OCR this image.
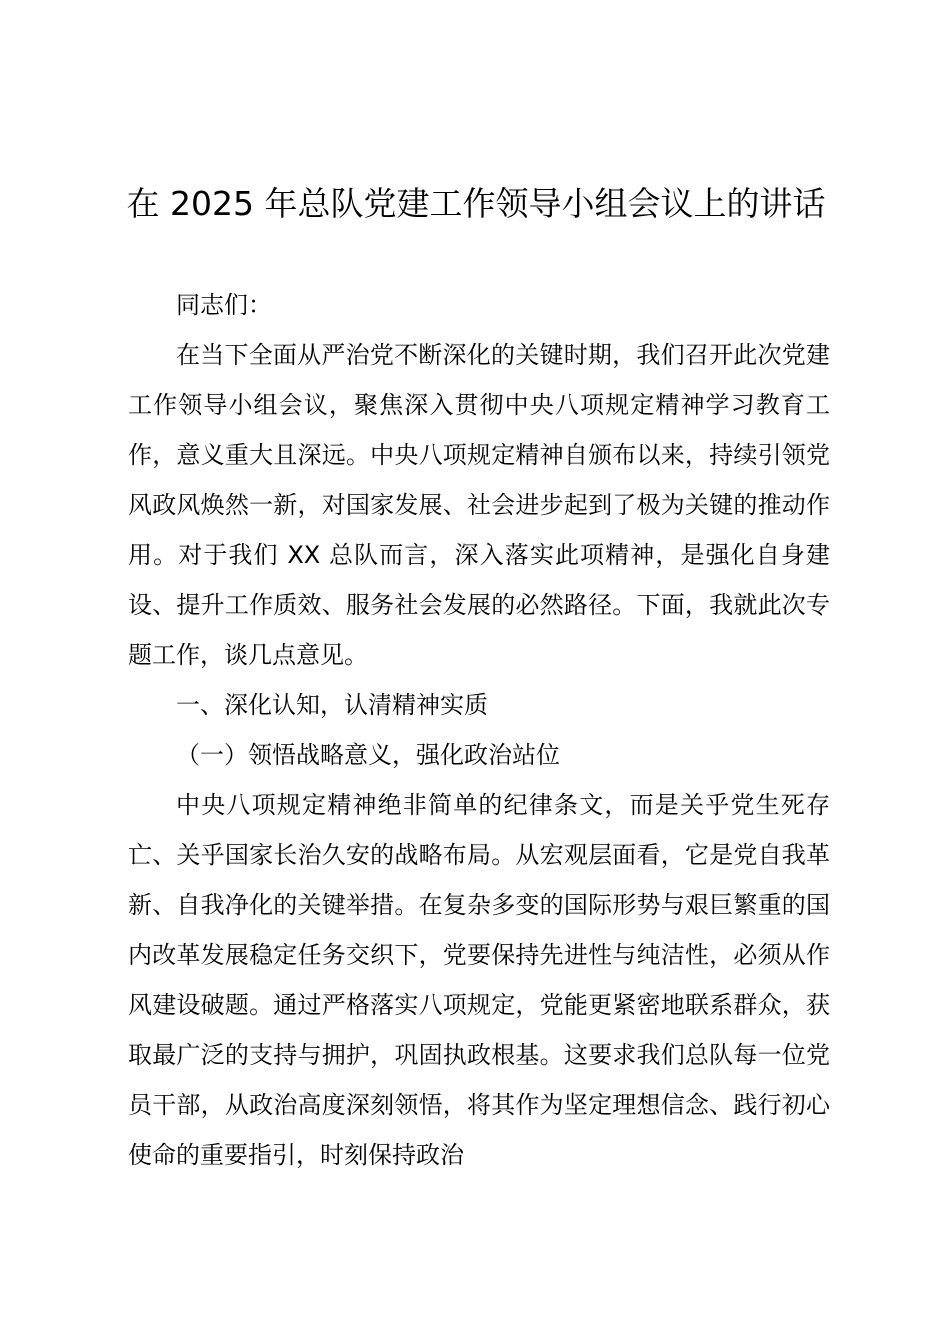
在 2025 年总队党建工作领导小组会议上的讲话

同志们：

在当下全面从严治党不断深化的关键时期，我们召开此次党建工作领导小组会议，聚焦深入贯彻中央八项规定精神学习教育工作，意义重大且深远。中央八项规定精神自颁布以来，持续引领党风政风焕然一新，对国家发展、社会进步起到了极为关键的推动作用。对于我们 XX 总队而言，深入落实此项精神，是强化自身建设、提升工作质效、服务社会发展的必然路径。下面，我就此次专题工作，谈几点意见。

一、深化认知，认清精神实质

（一）领悟战略意义，强化政治站位

中央八项规定精神绝非简单的纪律条文，而是关乎党生死存亡、关乎国家长治久安的战略布局。从宏观层面看，它是党自我革新、自我净化的关键举措。在复杂多变的国际形势与艰巨繁重的国内改革发展稳定任务交织下，党要保持先进性与纯洁性，必须从作风建设破题。通过严格落实八项规定，党能更紧密地联系群众，获取最广泛的支持与拥护，巩固执政根基。这要求我们总队每一位党员干部，从政治高度深刻领悟，将其作为坚定理想信念、践行初心使命的重要指引，时刻保持政治
